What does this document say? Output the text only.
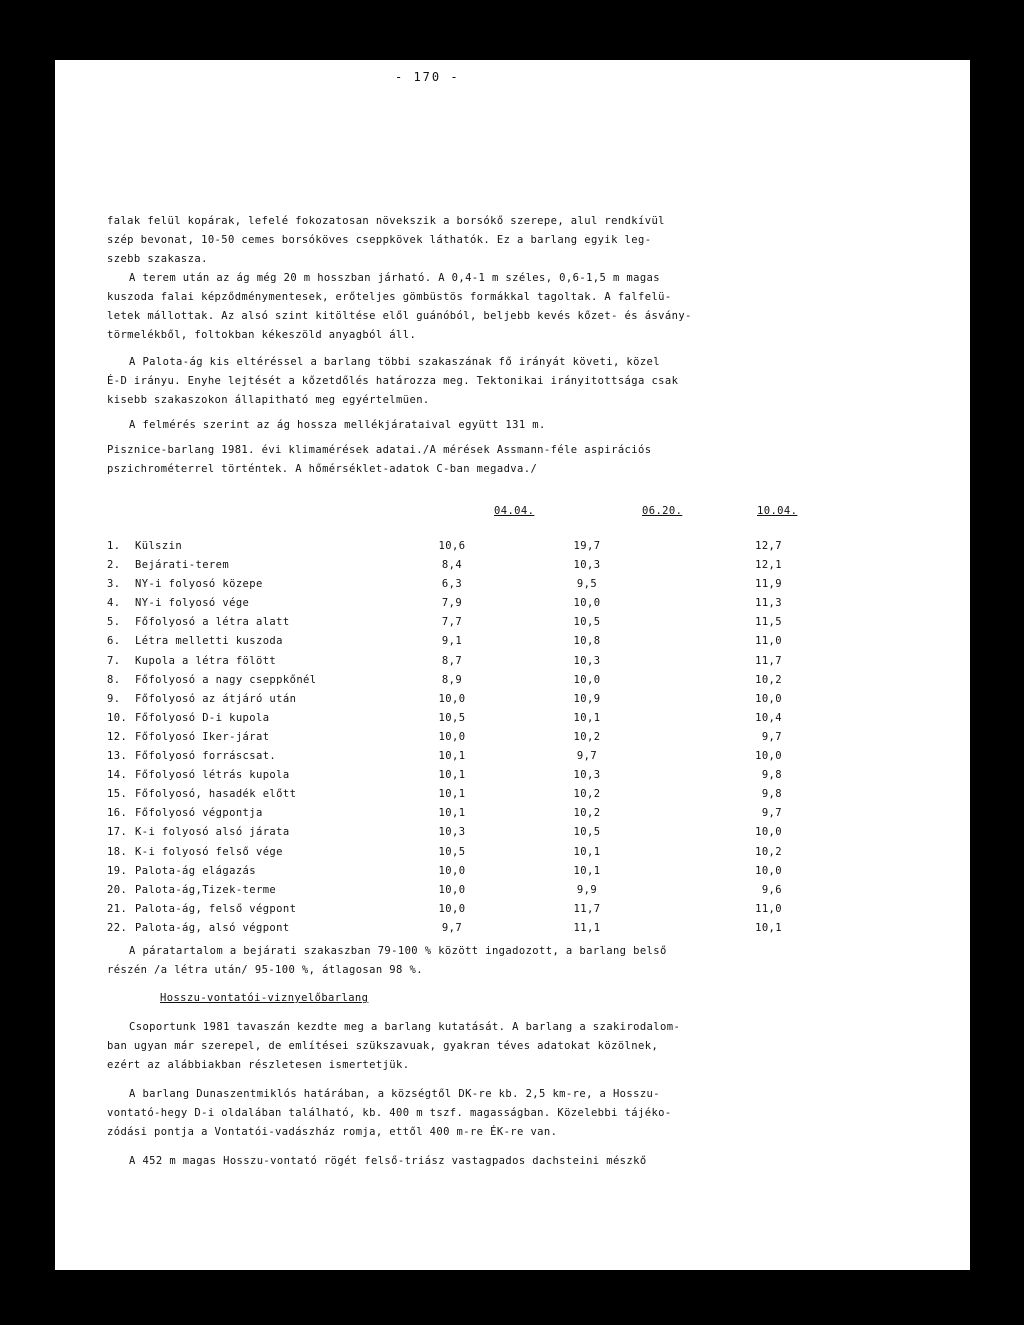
- 170 -
falak felül kopárak, lefelé fokozatosan növekszik a borsókő szerepe, alul rendkívül
szép bevonat, 10-50 cemes borsóköves cseppkövek láthatók. Ez a barlang egyik leg-
szebb szakasza.
A terem után az ág még 20 m hosszban járható. A 0,4-1 m széles, 0,6-1,5 m magas
kuszoda falai képződménymentesek, erőteljes gömbüstös formákkal tagoltak. A falfelü-
letek mállottak. Az alsó szint kitöltése elől guánóból, beljebb kevés kőzet- és ásvány-
törmelékből, foltokban kékeszöld anyagból áll.
A Palota-ág kis eltéréssel a barlang többi szakaszának fő irányát követi, közel
É-D irányu. Enyhe lejtését a kőzetdőlés határozza meg. Tektonikai irányitottsága csak
kisebb szakaszokon állapitható meg egyértelmüen.
A felmérés szerint az ág hossza mellékjárataival együtt 131 m.
Pisznice-barlang 1981. évi klimamérések adatai./A mérések Assmann-féle aspirációs
pszichrométerrel történtek. A hőmérséklet-adatok C-ban megadva./
04.04.	06.20.	10.04.
1.	Külszin	10,6	19,7	12,7
2.	Bejárati-terem	8,4	10,3	12,1
3.	NY-i folyosó közepe	6,3	9,5	11,9
4.	NY-i folyosó vége	7,9	10,0	11,3
5.	Főfolyosó a létra alatt	7,7	10,5	11,5
6.	Létra melletti kuszoda	9,1	10,8	11,0
7.	Kupola a létra fölött	8,7	10,3	11,7
8.	Főfolyosó a nagy cseppkőnél	8,9	10,0	10,2
9.	Főfolyosó az átjáró után	10,0	10,9	10,0
10. Főfolyosó D-i kupola	10,5	10,1	10,4
12. Főfolyosó Iker-járat	10,0	10,2	9,7
13. Főfolyosó forráscsat.	10,1	9,7	10,0
14. Főfolyosó létrás kupola	10,1	10,3	9,8
15. Főfolyosó, hasadék előtt	10,1	10,2	9,8
16. Főfolyosó végpontja	10,1	10,2	9,7
17. K-i folyosó alsó járata	10,3	10,5	10,0
18. K-i folyosó felső vége	10,5	10,1	10,2
19. Palota-ág elágazás	10,0	10,1	10,0
20. Palota-ág,Tizek-terme	10,0	9,9	9,6
21. Palota-ág, felső végpont	10,0	11,7	11,0
22. Palota-ág, alsó végpont	9,7	11,1	10,1
A páratartalom a bejárati szakaszban 79-100 % között ingadozott, a barlang belső
részén /a létra után/ 95-100 %, átlagosan 98 %.
Hosszu-vontatói-viznyelőbarlang
Csoportunk 1981 tavaszán kezdte meg a barlang kutatását. A barlang a szakirodalom-
ban ugyan már szerepel, de említései szükszavuak, gyakran téves adatokat közölnek,
ezért az alábbiakban részletesen ismertetjük.
A barlang Dunaszentmiklós határában, a községtől DK-re kb. 2,5 km-re, a Hosszu-
vontató-hegy D-i oldalában található, kb. 400 m tszf. magasságban. Közelebbi tájéko-
zódási pontja a Vontatói-vadászház romja, ettől 400 m-re ÉK-re van.
A 452 m magas Hosszu-vontató rögét felső-triász vastagpados dachsteini mészkő
